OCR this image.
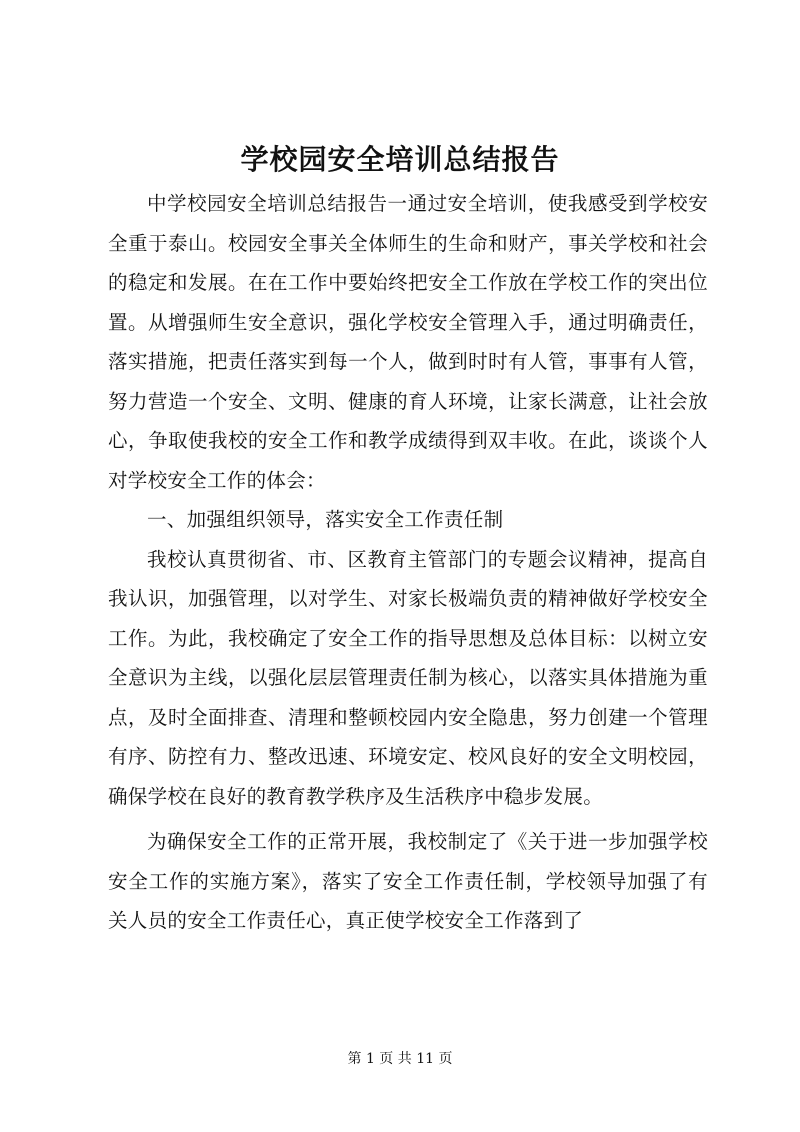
学校园安全培训总结报告

中学校园安全培训总结报告一通过安全培训，使我感受到学校安全重于泰山。校园安全事关全体师生的生命和财产，事关学校和社会的稳定和发展。在在工作中要始终把安全工作放在学校工作的突出位置。从增强师生安全意识，强化学校安全管理入手，通过明确责任，落实措施，把责任落实到每一个人，做到时时有人管，事事有人管，努力营造一个安全、文明、健康的育人环境，让家长满意，让社会放心，争取使我校的安全工作和教学成绩得到双丰收。在此，谈谈个人对学校安全工作的体会：

一、加强组织领导，落实安全工作责任制

我校认真贯彻省、市、区教育主管部门的专题会议精神，提高自我认识，加强管理，以对学生、对家长极端负责的精神做好学校安全工作。为此，我校确定了安全工作的指导思想及总体目标：以树立安全意识为主线，以强化层层管理责任制为核心，以落实具体措施为重点，及时全面排查、清理和整顿校园内安全隐患，努力创建一个管理有序、防控有力、整改迅速、环境安定、校风良好的安全文明校园，确保学校在良好的教育教学秩序及生活秩序中稳步发展。

为确保安全工作的正常开展，我校制定了《关于进一步加强学校安全工作的实施方案》，落实了安全工作责任制，学校领导加强了有关人员的安全工作责任心，真正使学校安全工作落到了

第 1 页 共 11 页
